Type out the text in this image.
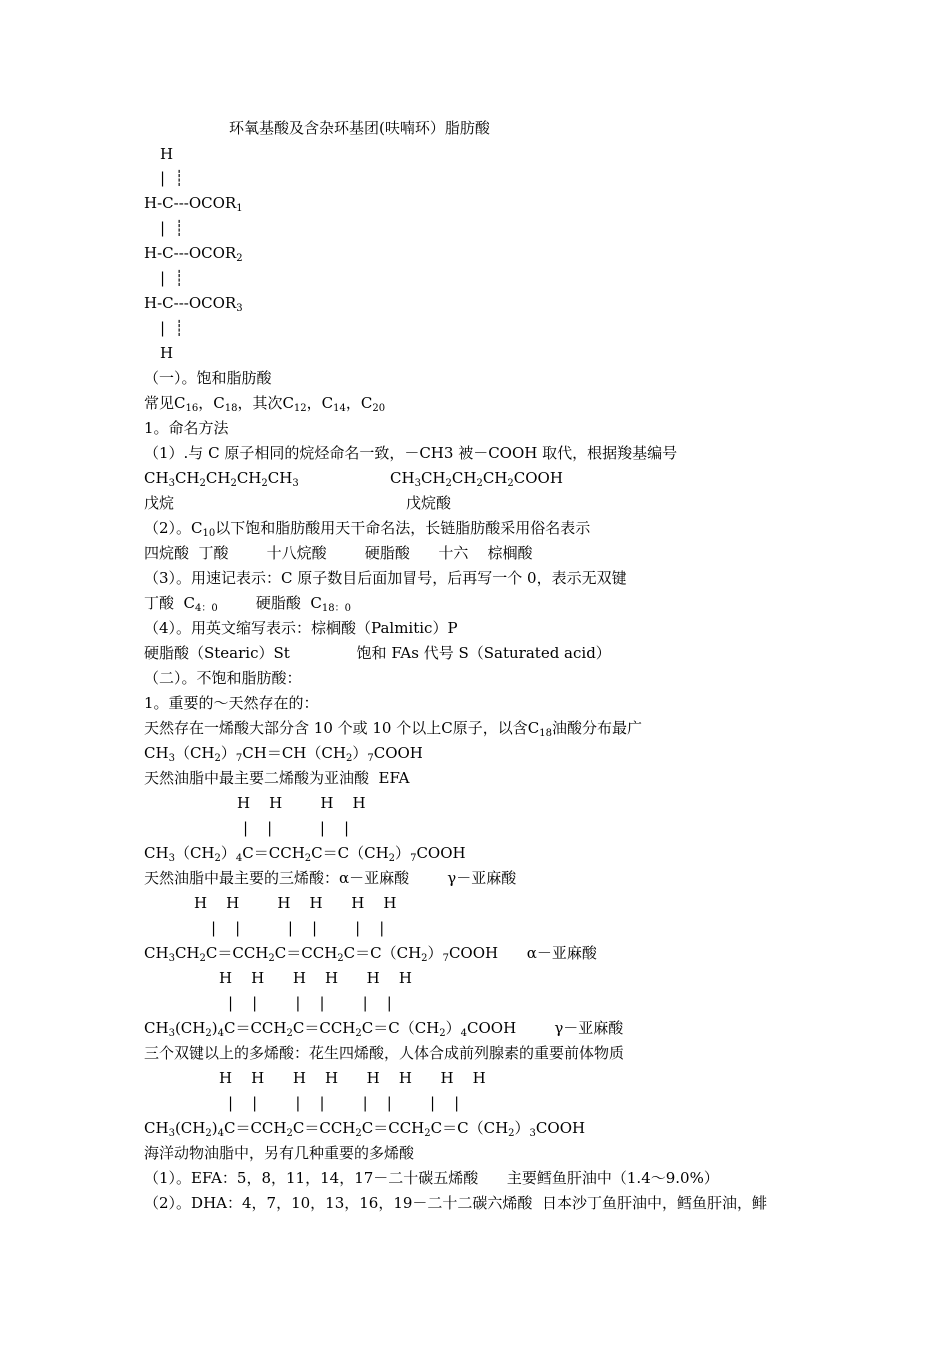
环氧基酸及含杂环基团(呋喃环）脂肪酸
H
|  ┊
$H-C---OCOR_1$
|  ┊
$H-C---OCOR_2$
|  ┊
$H-C---OCOR_3$
|  ┊
H
（一）。饱和脂肪酸
常见$C_{16}$，$C_{18}$，其次$C_{12}$，$C_{14}$，$C_{20}$
1。命名方法
（1）.与 C 原子相同的烷烃命名一致，－CH3 被－COOH 取代，根据羧基编号
$CH_3CH_2CH_2CH_2CH_3$	$CH_3CH_2CH_2CH_2COOH$
戊烷	戊烷酸
（2）。$C_{10}$以下饱和脂肪酸用天干命名法，长链脂肪酸采用俗名表示
四烷酸  丁酸        十八烷酸        硬脂酸      十六    棕榈酸
（3）。用速记表示：C 原子数目后面加冒号，后再写一个 0，表示无双键
丁酸  $C_{4:0}$        硬脂酸  $C_{18:0}$
（4）。用英文缩写表示：棕榈酸（Palmitic）P
硬脂酸（Stearic）St              饱和 FAs 代号 S（Saturated acid）
（二）。不饱和脂肪酸：
1。重要的～天然存在的：
天然存在一烯酸大部分含 10 个或 10 个以上C原子，以含$C_{18}$油酸分布最广
$CH_3(CH_2)_7CH=CH(CH_2)_7COOH$
天然油脂中最主要二烯酸为亚油酸  EFA
H    H        H    H
|    |          |    |
$CH_3(CH_2)_4C=CCH_2C=C(CH_2)_7COOH$
天然油脂中最主要的三烯酸：α－亚麻酸        γ－亚麻酸
H    H        H    H      H    H
|    |          |    |        |    |
$CH_3CH_2C=CCH_2C=CCH_2C=C(CH_2)_7COOH$      α－亚麻酸
H    H      H    H      H    H
|    |        |    |        |    |
$CH_3(CH_2)_4C=CCH_2C=CCH_2C=C(CH_2)_4COOH$        γ－亚麻酸
三个双键以上的多烯酸：花生四烯酸，人体合成前列腺素的重要前体物质
H    H      H    H      H    H      H    H
|    |        |    |        |    |        |    |
$CH_3(CH_2)_4C=CCH_2C=CCH_2C=CCH_2C=C(CH_2)_3COOH$
海洋动物油脂中，另有几种重要的多烯酸
（1）。EFA：5，8，11，14，17－二十碳五烯酸      主要鳕鱼肝油中（1.4～9.0%）
（2）。DHA：4，7，10，13，16，19－二十二碳六烯酸  日本沙丁鱼肝油中，鳕鱼肝油，鲱
